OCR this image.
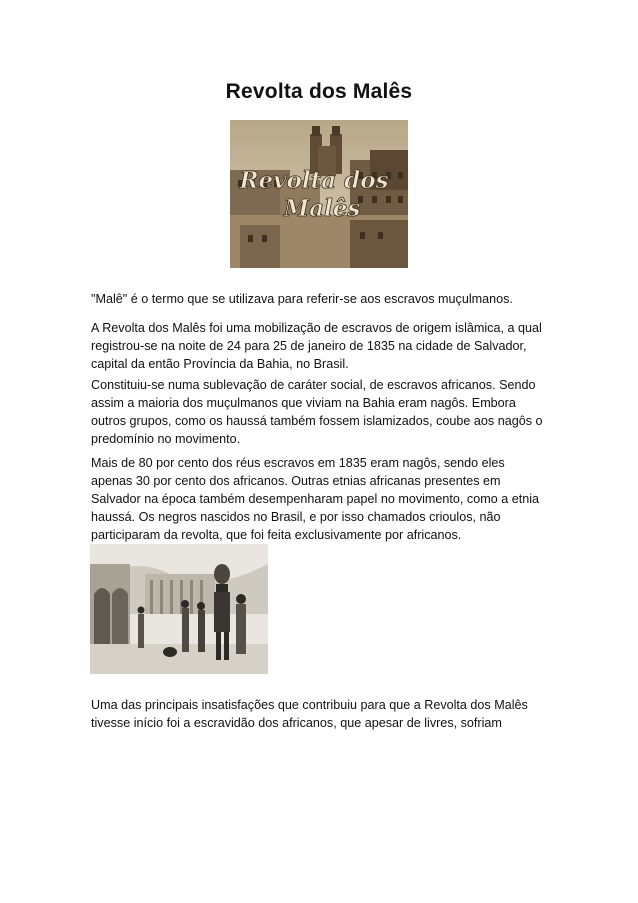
Revolta dos Malês
Revolta dos
Malês

"Malê" é o termo que se utilizava para referir-se aos escravos muçulmanos.

A Revolta dos Malês foi uma mobilização de escravos de origem islâmica, a qual registrou-se na noite de 24 para 25 de janeiro de 1835 na cidade de Salvador, capital da então Província da Bahia, no Brasil.

Constituiu-se numa sublevação de caráter social, de escravos africanos. Sendo assim a maioria dos muçulmanos que viviam na Bahia eram nagôs. Embora outros grupos, como os haussá também fossem islamizados, coube aos nagôs o predomínio no movimento.

Mais de 80 por cento dos réus escravos em 1835 eram nagôs, sendo eles apenas 30 por cento dos africanos. Outras etnias africanas presentes em Salvador na época também desempenharam papel no movimento, como a etnia haussá. Os negros nascidos no Brasil, e por isso chamados crioulos, não participaram da revolta, que foi feita exclusivamente por africanos.

Uma das principais insatisfações que contribuiu para que a Revolta dos Malês tivesse início foi a escravidão dos africanos, que apesar de livres, sofriam
